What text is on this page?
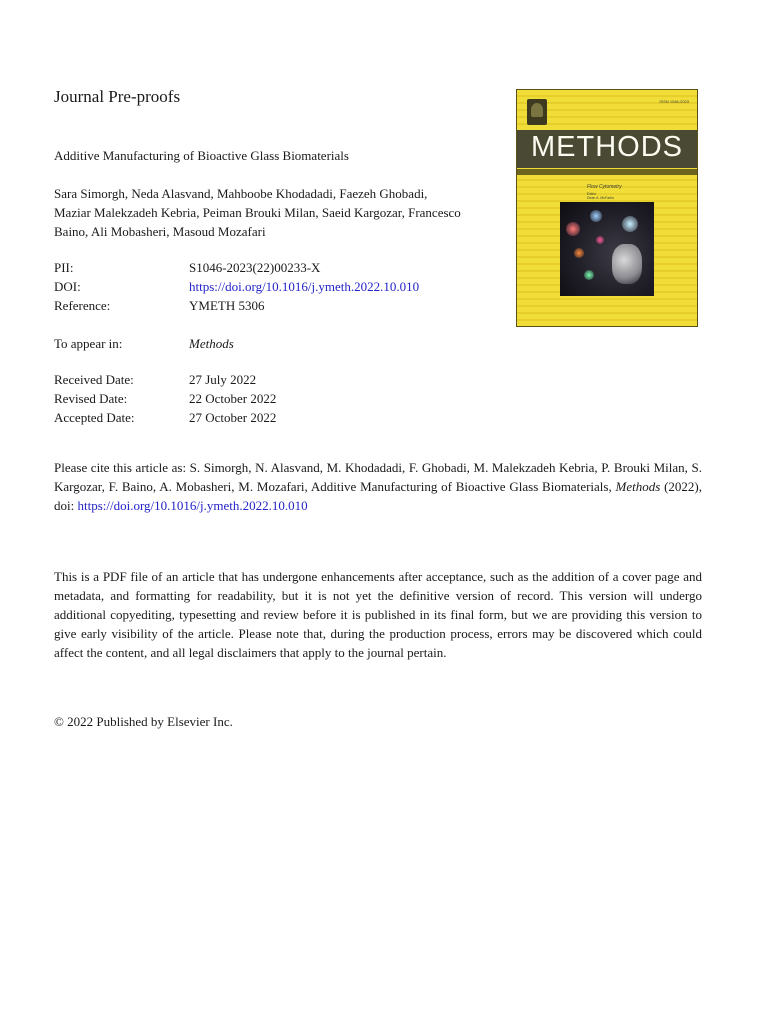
Journal Pre-proofs
Additive Manufacturing of Bioactive Glass Biomaterials
Sara Simorgh, Neda Alasvand, Mahboobe Khodadadi, Faezeh Ghobadi,
Maziar Malekzadeh Kebria, Peiman Brouki Milan, Saeid Kargozar, Francesco
Baino, Ali Mobasheri, Masoud Mozafari
PII:	S1046-2023(22)00233-X
DOI:	https://doi.org/10.1016/j.ymeth.2022.10.010
Reference:	YMETH 5306
To appear in:	Methods
Received Date:	27 July 2022
Revised Date:	22 October 2022
Accepted Date:	27 October 2022
Please cite this article as: S. Simorgh, N. Alasvand, M. Khodadadi, F. Ghobadi, M. Malekzadeh Kebria, P. Brouki Milan, S. Kargozar, F. Baino, A. Mobasheri, M. Mozafari, Additive Manufacturing of Bioactive Glass Biomaterials, Methods (2022), doi: https://doi.org/10.1016/j.ymeth.2022.10.010
This is a PDF file of an article that has undergone enhancements after acceptance, such as the addition of a cover page and metadata, and formatting for readability, but it is not yet the definitive version of record. This version will undergo additional copyediting, typesetting and review before it is published in its final form, but we are providing this version to give early visibility of the article. Please note that, during the production process, errors may be discovered which could affect the content, and all legal disclaimers that apply to the journal pertain.
© 2022 Published by Elsevier Inc.
ISSN 1046-2023
METHODS
Flow Cytometry
Editor
Dean A. McFarlin
